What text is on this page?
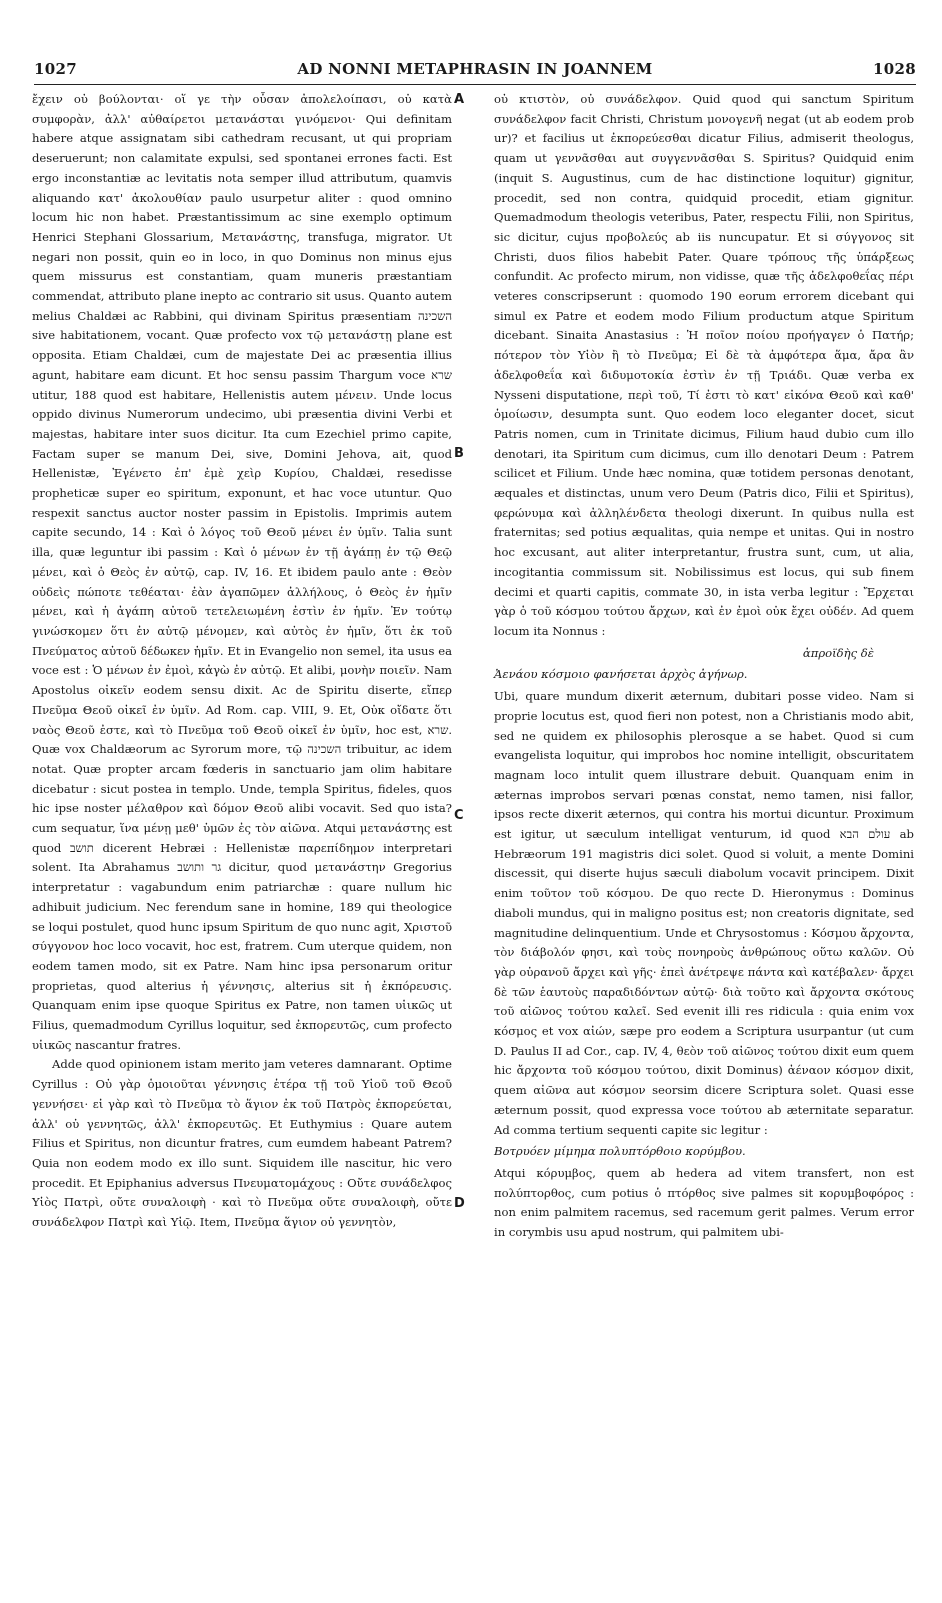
1027	AD NONNI METAPHRASIN IN JOANNEM	1028

ἔχειν οὐ βούλονται· οἵ γε τὴν οὖσαν ἀπολελοίπασι, οὐ κατὰ συμφορὰν, ἀλλ' αὐθαίρετοι μετανάσται γινόμενοι· Qui definitam habere atque assignatam sibi cathedram recusant, ut qui propriam deseruerunt; non calamitate expulsi, sed spontanei errones facti. Est ergo inconstantiæ ac levitatis nota semper illud attributum, quamvis aliquando κατ' ἀκολουθίαν paulo usurpetur aliter : quod omnino locum hic non habet. Præstantissimum ac sine exemplo optimum Henrici Stephani Glossarium, Μετανάστης, transfuga, migrator. Ut negari non possit, quin eo in loco, in quo Dominus non minus ejus quem missurus est constantiam, quam muneris præstantiam commendat, attributo plane inepto ac contrario sit usus. Quanto autem melius Chaldæi ac Rabbini, qui divinam Spiritus præsentiam השכינה sive habitationem, vocant. Quæ profecto vox τῷ μετανάστῃ plane est opposita. Etiam Chaldæi, cum de majestate Dei ac præsentia illius agunt, habitare eam dicunt. Et hoc sensu passim Thargum voce שרא utitur, 188 quod est habitare, Hellenistis autem μένειν. Unde locus oppido divinus Numerorum undecimo, ubi præsentia divini Verbi et majestas, habitare inter suos dicitur. Ita cum Ezechiel primo capite, Factam super se manum Dei, sive, Domini Jehova, ait, quod Hellenistæ, Ἐγένετο ἐπ' ἐμὲ χεὶρ Κυρίου, Chaldæi, resedisse propheticæ super eo spiritum, exponunt, et hac voce utuntur. Quo respexit sanctus auctor noster passim in Epistolis. Imprimis autem capite secundo, 14 : Καὶ ὁ λόγος τοῦ Θεοῦ μένει ἐν ὑμῖν. Talia sunt illa, quæ leguntur ibi passim : Καὶ ὁ μένων ἐν τῇ ἀγάπῃ ἐν τῷ Θεῷ μένει, καὶ ὁ Θεὸς ἐν αὐτῷ, cap. IV, 16. Et ibidem paulo ante : Θεὸν οὐδεὶς πώποτε τεθέαται· ἐὰν ἀγαπῶμεν ἀλλήλους, ὁ Θεὸς ἐν ἡμῖν μένει, καὶ ἡ ἀγάπη αὐτοῦ τετελειωμένη ἐστὶν ἐν ἡμῖν. Ἐν τούτῳ γινώσκομεν ὅτι ἐν αὐτῷ μένομεν, καὶ αὐτὸς ἐν ἡμῖν, ὅτι ἐκ τοῦ Πνεύματος αὐτοῦ δέδωκεν ἡμῖν. Et in Evangelio non semel, ita usus ea voce est : Ὁ μένων ἐν ἐμοὶ, κἀγὼ ἐν αὐτῷ. Et alibi, μονὴν ποιεῖν. Nam Apostolus οἰκεῖν eodem sensu dixit. Ac de Spiritu diserte, εἴπερ Πνεῦμα Θεοῦ οἰκεῖ ἐν ὑμῖν. Ad Rom. cap. VIII, 9. Et, Οὐκ οἴδατε ὅτι ναὸς Θεοῦ ἐστε, καὶ τὸ Πνεῦμα τοῦ Θεοῦ οἰκεῖ ἐν ὑμῖν, hoc est, שרא. Quæ vox Chaldæorum ac Syrorum more, τῷ השכינה tribuitur, ac idem notat. Quæ propter arcam fœderis in sanctuario jam olim habitare dicebatur : sicut postea in templo. Unde, templa Spiritus, fideles, quos hic ipse noster μέλαθρον καὶ δόμον Θεοῦ alibi vocavit. Sed quo ista? cum sequatur, ἵνα μένῃ μεθ' ὑμῶν ἐς τὸν αἰῶνα. Atqui μετανάστης est quod תושב dicerent Hebræi : Hellenistæ παρεπίδημον interpretari solent. Ita Abrahamus גר ותושב dicitur, quod μετανάστην Gregorius interpretatur : vagabundum enim patriarchæ : quare nullum hic adhibuit judicium. Nec ferendum sane in homine, 189 qui theologice se loqui postulet, quod hunc ipsum Spiritum de quo nunc agit, Χριστοῦ σύγγονον hoc loco vocavit, hoc est, fratrem. Cum uterque quidem, non eodem tamen modo, sit ex Patre. Nam hinc ipsa personarum oritur proprietas, quod alterius ἡ γέννησις, alterius sit ἡ ἐκπόρευσις. Quanquam enim ipse quoque Spiritus ex Patre, non tamen υἱικῶς ut Filius, quemadmodum Cyrillus loquitur, sed ἐκπορευτῶς, cum profecto υἱικῶς nascantur fratres.

Adde quod opinionem istam merito jam veteres damnarant. Optime Cyrillus : Οὐ γὰρ ὁμοιοῦται γέννησις ἑτέρα τῇ τοῦ Υἱοῦ τοῦ Θεοῦ γεννήσει· εἰ γὰρ καὶ τὸ Πνεῦμα τὸ ἅγιον ἐκ τοῦ Πατρὸς ἐκπορεύεται, ἀλλ' οὐ γεννητῶς, ἀλλ' ἐκπορευτῶς. Et Euthymius : Quare autem Filius et Spiritus, non dicuntur fratres, cum eumdem habeant Patrem? Quia non eodem modo ex illo sunt. Siquidem ille nascitur, hic vero procedit. Et Epiphanius adversus Πνευματομάχους : Οὔτε συνάδελφος Υἱὸς Πατρὶ, οὔτε συναλοιφὴ · καὶ τὸ Πνεῦμα οὔτε συναλοιφὴ, οὔτε συνάδελφον Πατρὶ καὶ Υἱῷ. Item, Πνεῦμα ἅγιον οὐ γεννητὸν,

A
B
C
D

οὐ κτιστὸν, οὐ συνάδελφον. Quid quod qui sanctum Spiritum συνάδελφον facit Christi, Christum μονογενῆ negat (ut ab eodem prob ur)? et facilius ut ἐκπορεύεσθαι dicatur Filius, admiserit theologus, quam ut γεννᾶσθαι aut συγγεννᾶσθαι S. Spiritus? Quidquid enim (inquit S. Augustinus, cum de hac distinctione loquitur) gignitur, procedit, sed non contra, quidquid procedit, etiam gignitur. Quemadmodum theologis veteribus, Pater, respectu Filii, non Spiritus, sic dicitur, cujus προβολεύς ab iis nuncupatur. Et si σύγγονος sit Christi, duos filios habebit Pater. Quare τρόπους τῆς ὑπάρξεως confundit. Ac profecto mirum, non vidisse, quæ τῆς ἀδελφοθεΐας πέρι veteres conscripserunt : quomodo 190 eorum errorem dicebant qui simul ex Patre et eodem modo Filium productum atque Spiritum dicebant. Sinaita Anastasius : Ἡ ποῖον ποίου προήγαγεν ὁ Πατήρ; πότερον τὸν Υἱὸν ἢ τὸ Πνεῦμα; Εἰ δὲ τὰ ἀμφότερα ἅμα, ἄρα ἂν ἀδελφοθεΐα καὶ διδυμοτοκία ἐστὶν ἐν τῇ Τριάδι. Quæ verba ex Nysseni disputatione, περὶ τοῦ, Τί ἐστι τὸ κατ' εἰκόνα Θεοῦ καὶ καθ' ὁμοίωσιν, desumpta sunt. Quo eodem loco eleganter docet, sicut Patris nomen, cum in Trinitate dicimus, Filium haud dubio cum illo denotari, ita Spiritum cum dicimus, cum illo denotari Deum : Patrem scilicet et Filium. Unde hæc nomina, quæ totidem personas denotant, æquales et distinctas, unum vero Deum (Patris dico, Filii et Spiritus), φερώνυμα καὶ ἀλληλένδετα theologi dixerunt. In quibus nulla est fraternitas; sed potius æqualitas, quia nempe et unitas. Qui in nostro hoc excusant, aut aliter interpretantur, frustra sunt, cum, ut alia, incogitantia commissum sit. Nobilissimus est locus, qui sub finem decimi et quarti capitis, commate 30, in ista verba legitur : Ἔρχεται γὰρ ὁ τοῦ κόσμου τούτου ἄρχων, καὶ ἐν ἐμοὶ οὐκ ἔχει οὐδέν. Ad quem locum ita Nonnus :

ἀπροϊδὴς δὲ

Ἀενάου κόσμοιο φανήσεται ἀρχὸς ἀγήνωρ.

Ubi, quare mundum dixerit æternum, dubitari posse video. Nam si proprie locutus est, quod fieri non potest, non a Christianis modo abit, sed ne quidem ex philosophis plerosque a se habet. Quod si cum evangelista loquitur, qui improbos hoc nomine intelligit, obscuritatem magnam loco intulit quem illustrare debuit. Quanquam enim in æternas improbos servari pœnas constat, nemo tamen, nisi fallor, ipsos recte dixerit æternos, qui contra his mortui dicuntur. Proximum est igitur, ut sæculum intelligat venturum, id quod עולם הבא ab Hebræorum 191 magistris dici solet. Quod si voluit, a mente Domini discessit, qui diserte hujus sæculi diabolum vocavit principem. Dixit enim τοῦτον τοῦ κόσμου. De quo recte D. Hieronymus : Dominus diaboli mundus, qui in maligno positus est; non creatoris dignitate, sed magnitudine delinquentium. Unde et Chrysostomus : Κόσμου ἄρχοντα, τὸν διάβολόν φησι, καὶ τοὺς πονηροὺς ἀνθρώπους οὕτω καλῶν. Οὐ γὰρ οὐρανοῦ ἄρχει καὶ γῆς· ἐπεὶ ἀνέτρεψε πάντα καὶ κατέβαλεν· ἄρχει δὲ τῶν ἑαυτοὺς παραδιδόντων αὐτῷ· διὰ τοῦτο καὶ ἄρχοντα σκότους τοῦ αἰῶνος τούτου καλεῖ. Sed evenit illi res ridicula : quia enim vox κόσμος et vox αἰών, sæpe pro eodem a Scriptura usurpantur (ut cum D. Paulus II ad Cor., cap. IV, 4, θεὸν τοῦ αἰῶνος τούτου dixit eum quem hic ἄρχοντα τοῦ κόσμου τούτου, dixit Dominus) ἀέναον κόσμον dixit, quem αἰῶνα aut κόσμον seorsim dicere Scriptura solet. Quasi esse æternum possit, quod expressa voce τούτου ab æternitate separatur. Ad comma tertium sequenti capite sic legitur :

Βοτρυόεν μίμημα πολυπτόρθοιο κορύμβου.

Atqui κόρυμβος, quem ab hedera ad vitem transfert, non est πολύπτορθος, cum potius ὁ πτόρθος sive palmes sit κορυμβοφόρος : non enim palmitem racemus, sed racemum gerit palmes. Verum error in corymbis usu apud nostrum, qui palmitem ubi-
